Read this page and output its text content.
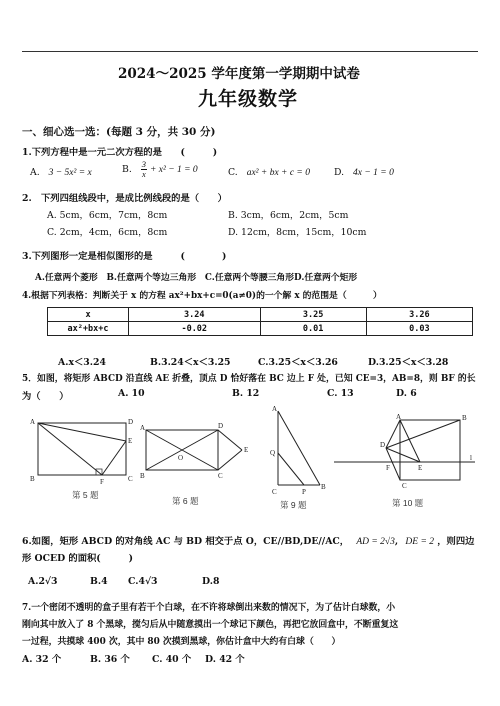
2024～2025 学年度第一学期期中试卷
九年级数学
一、细心选一选：(每题 3 分，共 30 分)
1.下列方程中是一元二次方程的是　　(　　　)
A. 3 − 5x² = x	B. $\frac{3}{x} + x^2 - 1 = 0$	C. ax² + bx + c = 0	D. 4x − 1 = 0
2.　下列四组线段中，是成比例线段的是（　　）
A. 5cm，6cm，7cm，8cm	B. 3cm，6cm，2cm，5cm
C. 2cm，4cm，6cm，8cm	D. 12cm，8cm，15cm，10cm
3.下列图形一定是相似图形的是　　　(　　　　)
A.任意两个菱形　B.任意两个等边三角形　C.任意两个等腰三角形D.任意两个矩形
4.根据下列表格：判断关于 x 的方程 ax²+bx+c=0(a≠0)的一个解 x 的范围是（　　　）
x	3.24	3.25	3.26
ax²+bx+c	-0.02	0.01	0.03
A.x＜3.24	B.3.24＜x＜3.25	C.3.25＜x＜3.26	D.3.25＜x＜3.28
5．如图，将矩形 ABCD 沿直线 AE 折叠，顶点 D 恰好落在 BC 边上 F 处，已知 CE=3，AB=8，则 BF 的长
为（　　）	A. 10	B. 12	C. 13	D. 6
A	D
E
B	F	C
第 5 题
A	D
E
O
B	C
第 6 题
A
Q
C	P
B
第 9 题
A	B
D
F
C
E
l
第 10 题
6.如图，矩形 ABCD 的对角线 AC 与 BD 相交于点 O，CE//BD,DE//AC， AD = 2√3, DE = 2 ，则四边
形 OCED 的面积(　　　)
A.2√3	B.4 C.4√3	D.8
7.一个密闭不透明的盒子里有若干个白球，在不许将球倒出来数的情况下，为了估计白球数，小
刚向其中放入了 8 个黑球，搅匀后从中随意摸出一个球记下颜色，再把它放回盒中，不断重复这
一过程，共摸球 400 次，其中 80 次摸到黑球，你估计盒中大约有白球（　　）
A. 32 个	B. 36 个 C. 40 个 D. 42 个
